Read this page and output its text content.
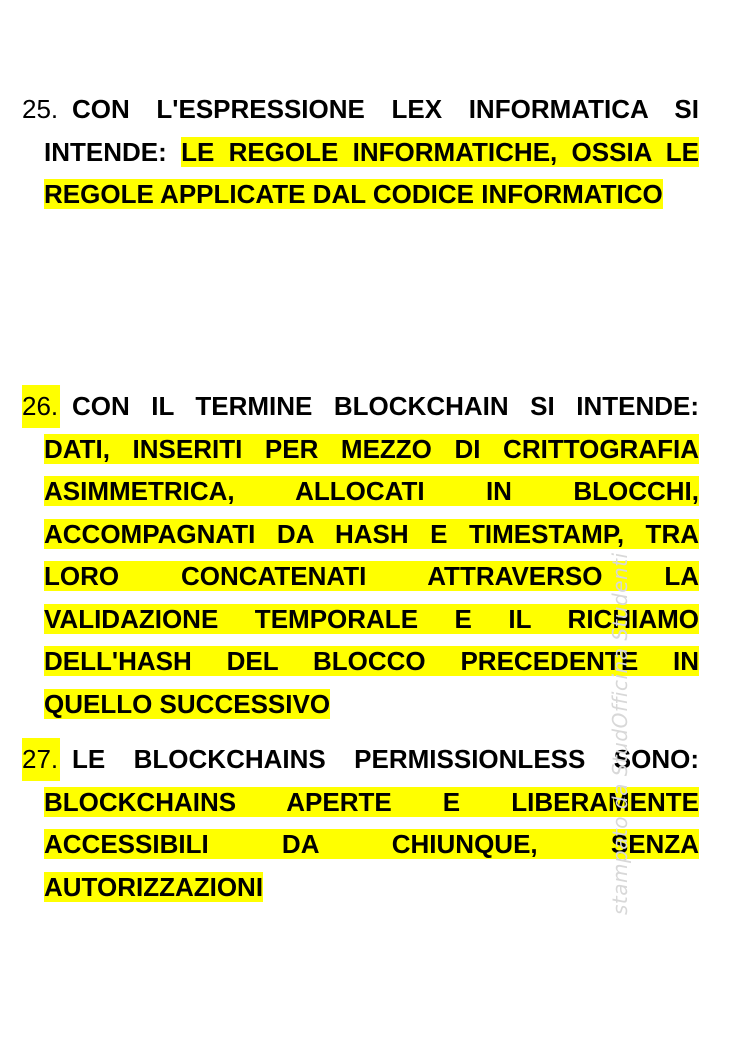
25. CON L'ESPRESSIONE LEX INFORMATICA SI INTENDE: LE REGOLE INFORMATICHE, OSSIA LE REGOLE APPLICATE DAL CODICE INFORMATICO
26. CON IL TERMINE BLOCKCHAIN SI INTENDE: DATI, INSERITI PER MEZZO DI CRITTOGRAFIA ASIMMETRICA, ALLOCATI IN BLOCCHI, ACCOMPAGNATI DA HASH E TIMESTAMP, TRA LORO CONCATENATI ATTRAVERSO LA VALIDAZIONE TEMPORALE E IL RICHIAMO DELL'HASH DEL BLOCCO PRECEDENTE IN QUELLO SUCCESSIVO
27. LE BLOCKCHAINS PERMISSIONLESS SONO: BLOCKCHAINS APERTE E LIBERAMENTE ACCESSIBILI DA CHIUNQUE, SENZA AUTORIZZAZIONI	stampato da StudOfficina Studenti
